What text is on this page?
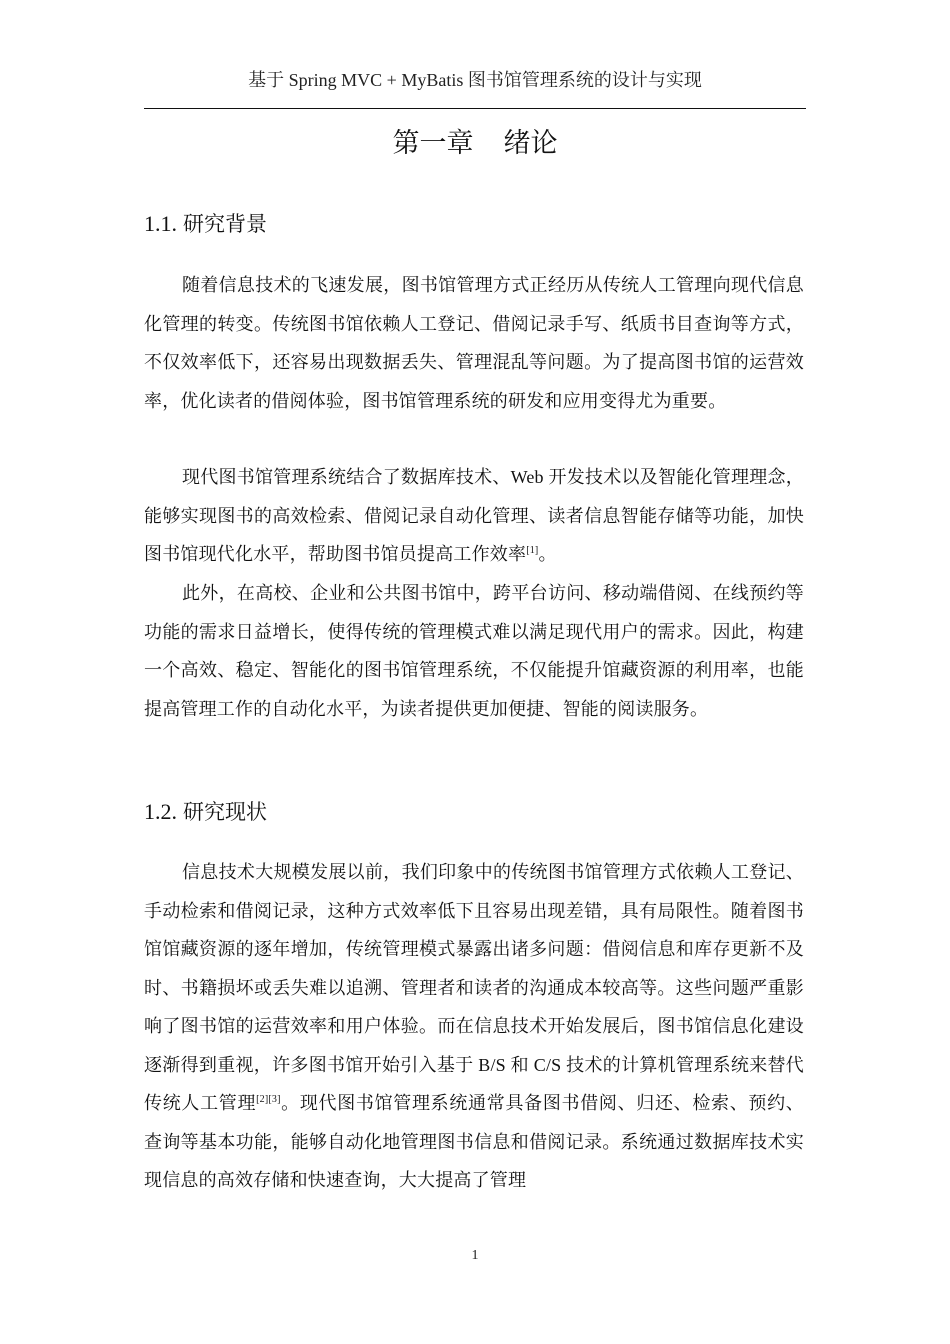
基于 Spring MVC + MyBatis 图书馆管理系统的设计与实现
第一章 绪论
1.1. 研究背景

随着信息技术的飞速发展，图书馆管理方式正经历从传统人工管理向现代信息化管理的转变。传统图书馆依赖人工登记、借阅记录手写、纸质书目查询等方式，不仅效率低下，还容易出现数据丢失、管理混乱等问题。为了提高图书馆的运营效率，优化读者的借阅体验，图书馆管理系统的研发和应用变得尤为重要。

现代图书馆管理系统结合了数据库技术、Web 开发技术以及智能化管理理念，能够实现图书的高效检索、借阅记录自动化管理、读者信息智能存储等功能，加快图书馆现代化水平，帮助图书馆员提高工作效率[1]。

此外，在高校、企业和公共图书馆中，跨平台访问、移动端借阅、在线预约等功能的需求日益增长，使得传统的管理模式难以满足现代用户的需求。因此，构建一个高效、稳定、智能化的图书馆管理系统，不仅能提升馆藏资源的利用率，也能提高管理工作的自动化水平，为读者提供更加便捷、智能的阅读服务。

1.2. 研究现状

信息技术大规模发展以前，我们印象中的传统图书馆管理方式依赖人工登记、手动检索和借阅记录，这种方式效率低下且容易出现差错，具有局限性。随着图书馆馆藏资源的逐年增加，传统管理模式暴露出诸多问题：借阅信息和库存更新不及时、书籍损坏或丢失难以追溯、管理者和读者的沟通成本较高等。这些问题严重影响了图书馆的运营效率和用户体验。而在信息技术开始发展后，图书馆信息化建设逐渐得到重视，许多图书馆开始引入基于 B/S 和 C/S 技术的计算机管理系统来替代传统人工管理[2][3]。现代图书馆管理系统通常具备图书借阅、归还、检索、预约、查询等基本功能，能够自动化地管理图书信息和借阅记录。系统通过数据库技术实现信息的高效存储和快速查询，大大提高了管理

1
